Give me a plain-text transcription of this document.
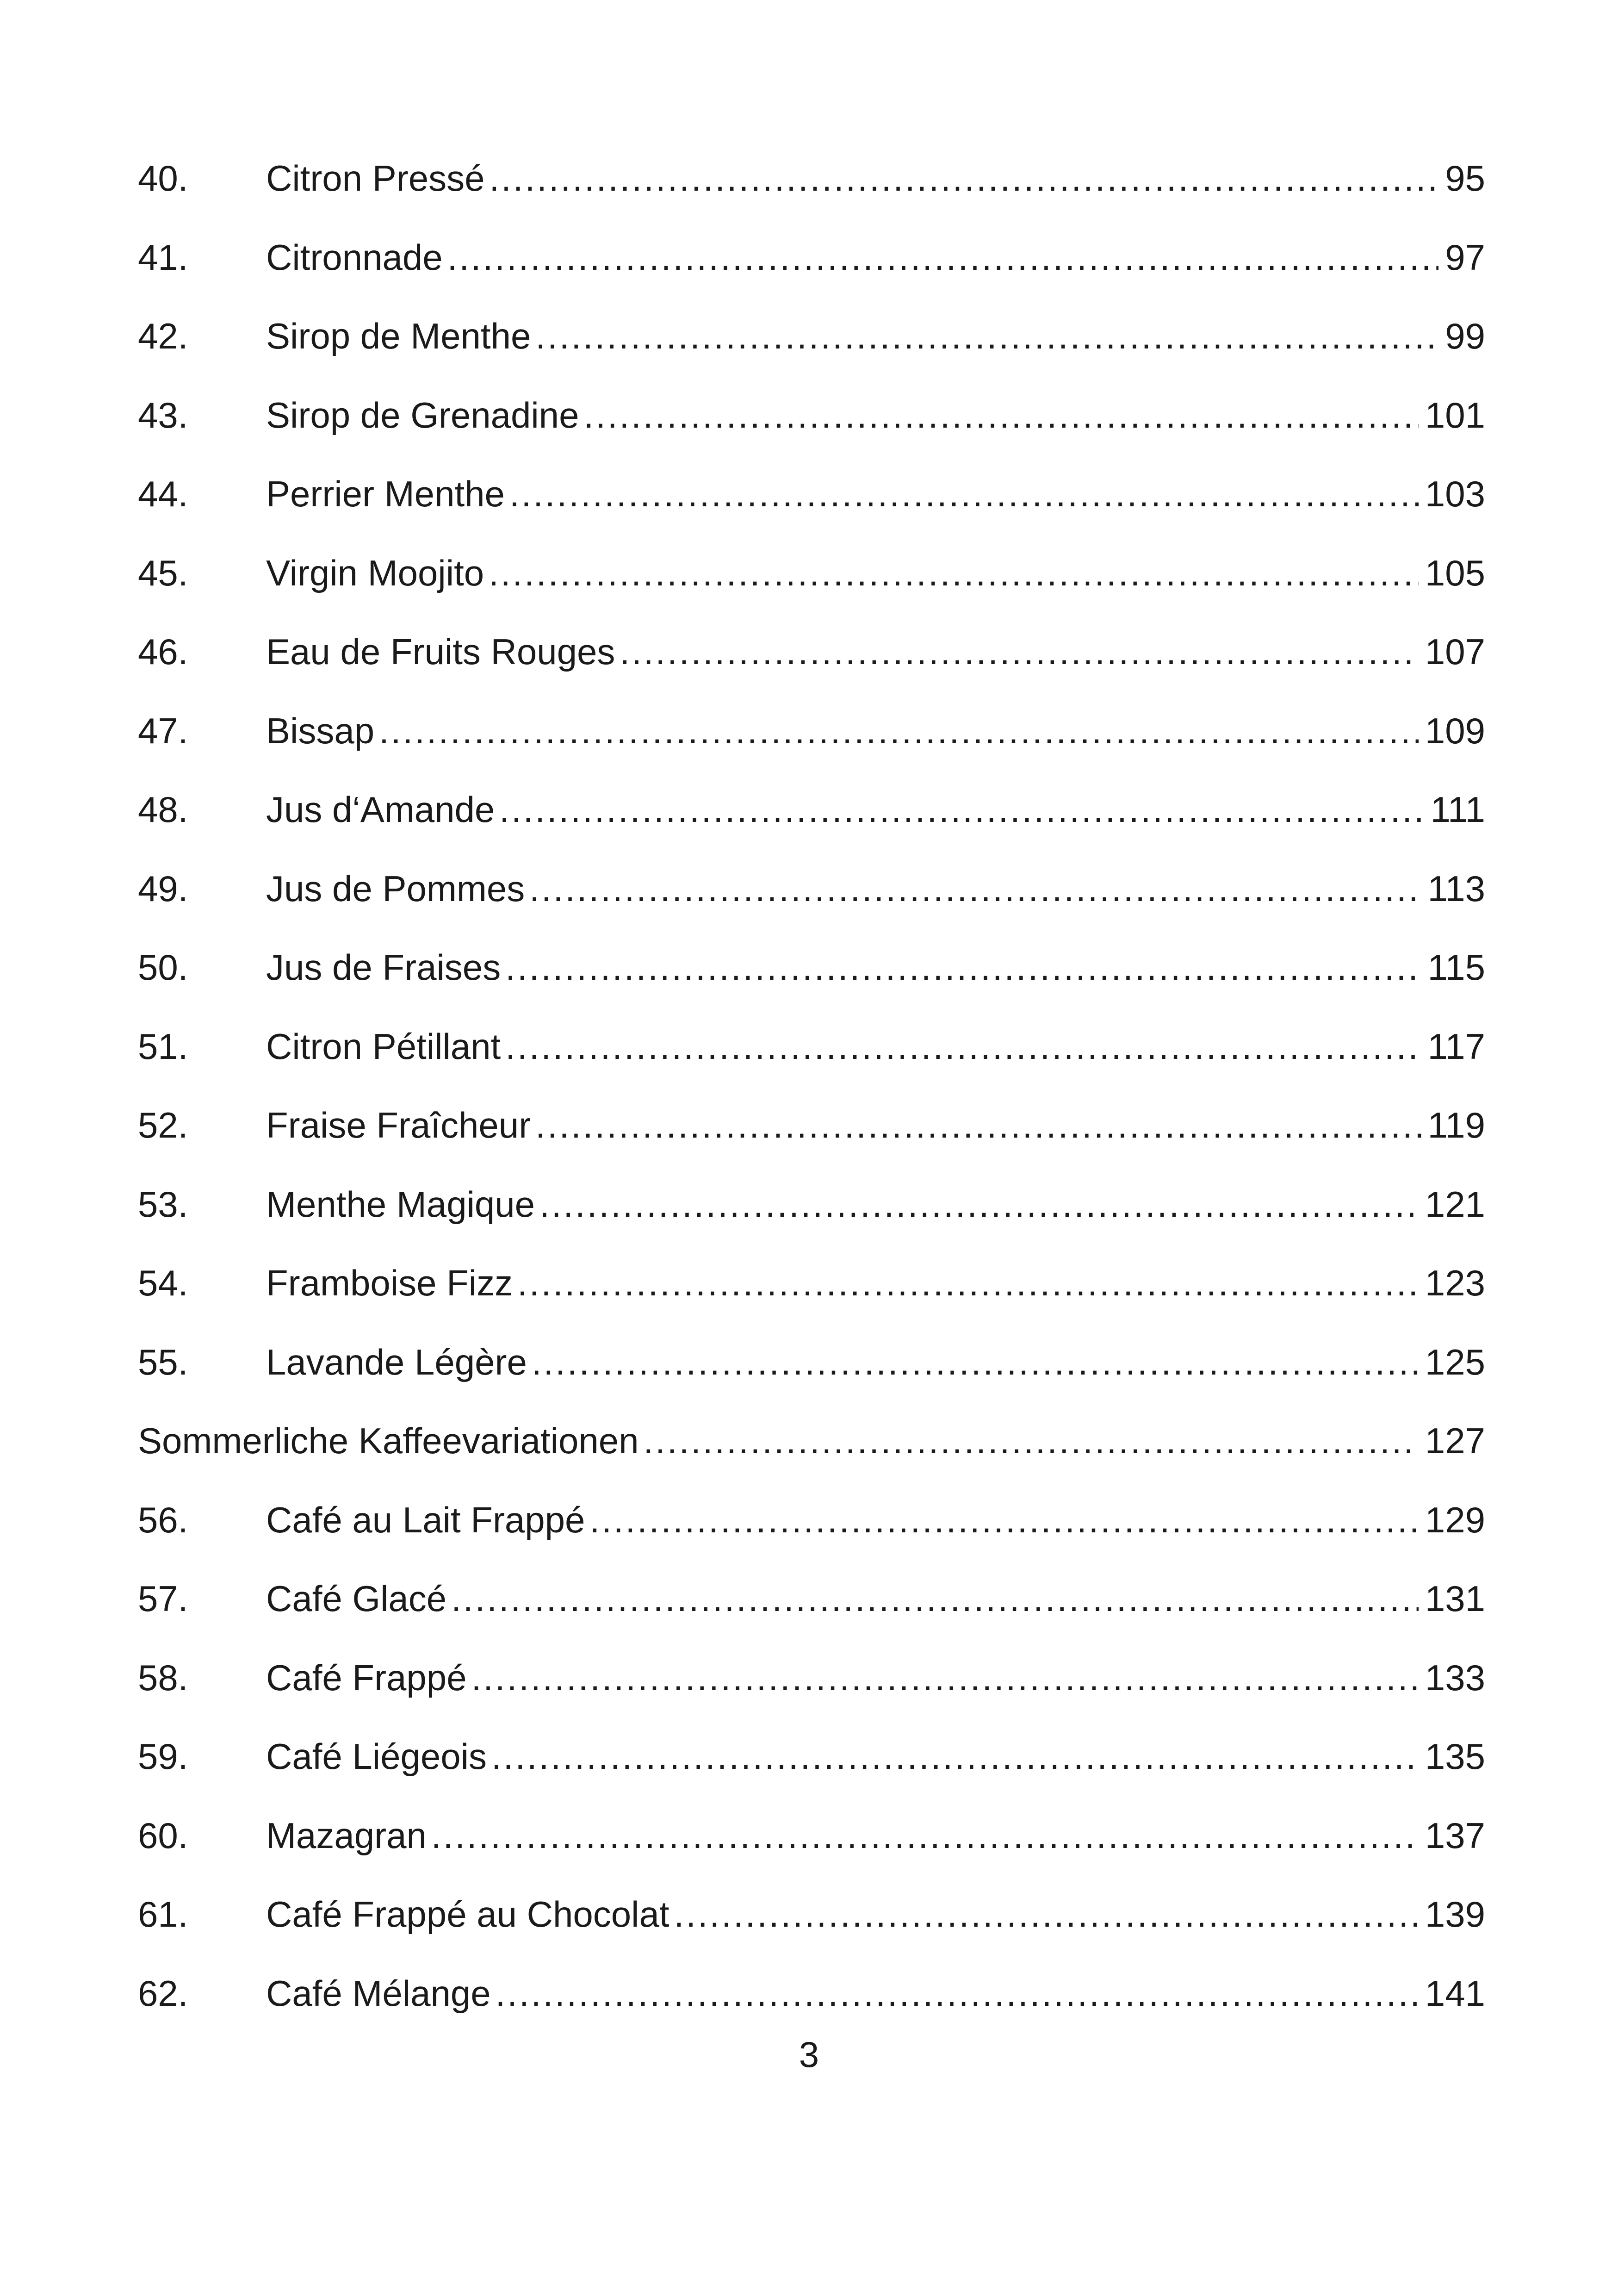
40.	Citron Pressé .....	95
41.	Citronnade .....	97
42.	Sirop de Menthe .....	99
43.	Sirop de Grenadine .....	101
44.	Perrier Menthe .....	103
45.	Virgin Moojito .....	105
46.	Eau de Fruits Rouges .....	107
47.	Bissap .....	109
48.	Jus d‘Amande .....	111
49.	Jus de Pommes .....	113
50.	Jus de Fraises .....	115
51.	Citron Pétillant .....	117
52.	Fraise Fraîcheur .....	119
53.	Menthe Magique .....	121
54.	Framboise Fizz .....	123
55.	Lavande Légère .....	125
Sommerliche Kaffeevariationen .....	127
56.	Café au Lait Frappé .....	129
57.	Café Glacé .....	131
58.	Café Frappé .....	133
59.	Café Liégeois .....	135
60.	Mazagran .....	137
61.	Café Frappé au Chocolat .....	139
62.	Café Mélange .....	141
3
